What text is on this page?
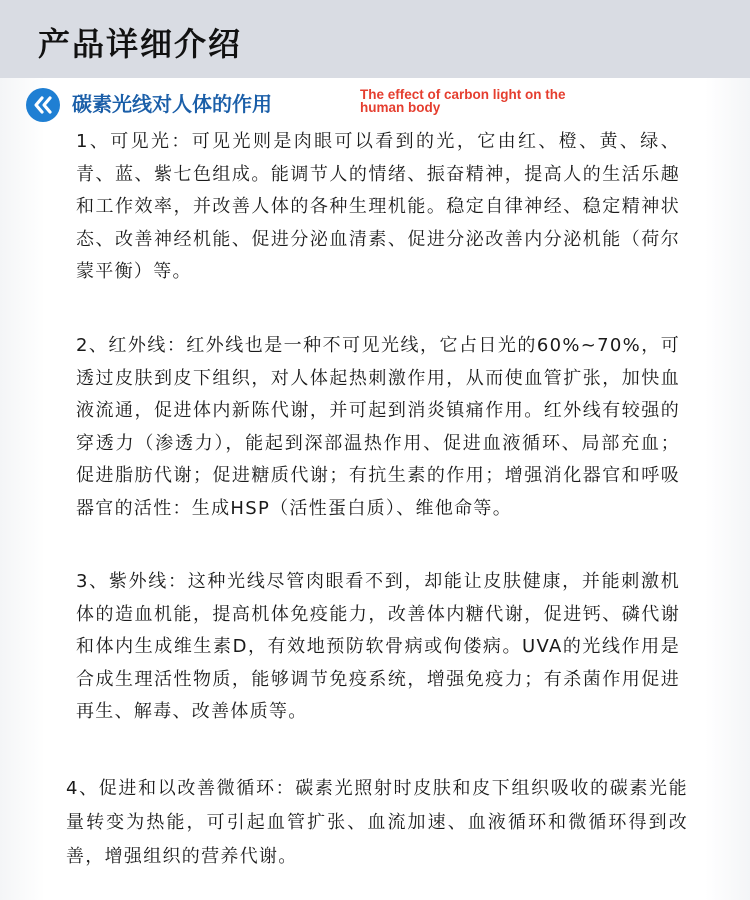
产品详细介绍
碳素光线对人体的作用	The effect of carbon light on the human body

1、可见光：可见光则是肉眼可以看到的光，它由红、橙、黄、绿、青、蓝、紫七色组成。能调节人的情绪、振奋精神，提高人的生活乐趣和工作效率，并改善人体的各种生理机能。稳定自律神经、稳定精神状态、改善神经机能、促进分泌血清素、促进分泌改善内分泌机能（荷尔蒙平衡）等。

2、红外线：红外线也是一种不可见光线，它占日光的60%~70%，可透过皮肤到皮下组织，对人体起热刺激作用，从而使血管扩张，加快血液流通，促进体内新陈代谢，并可起到消炎镇痛作用。红外线有较强的穿透力（渗透力），能起到深部温热作用、促进血液循环、局部充血；促进脂肪代谢；促进糖质代谢；有抗生素的作用；增强消化器官和呼吸器官的活性：生成HSP（活性蛋白质）、维他命等。

3、紫外线：这种光线尽管肉眼看不到，却能让皮肤健康，并能刺激机体的造血机能，提高机体免疫能力，改善体内糖代谢，促进钙、磷代谢和体内生成维生素D，有效地预防软骨病或佝偻病。UVA的光线作用是合成生理活性物质，能够调节免疫系统，增强免疫力；有杀菌作用促进再生、解毒、改善体质等。

4、促进和以改善微循环：碳素光照射时皮肤和皮下组织吸收的碳素光能量转变为热能，可引起血管扩张、血流加速、血液循环和微循环得到改善，增强组织的营养代谢。
